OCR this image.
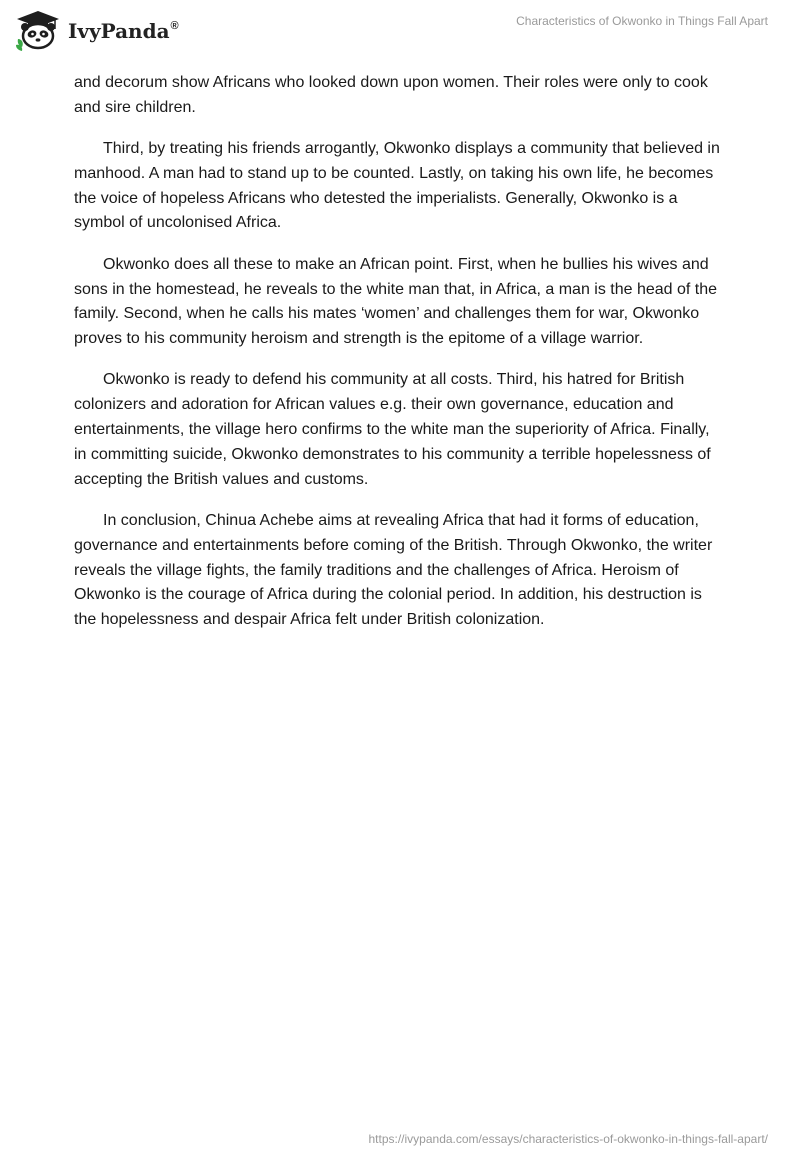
IvyPanda®	Characteristics of Okwonko in Things Fall Apart

and decorum show Africans who looked down upon women. Their roles were only to cook and sire children.

Third, by treating his friends arrogantly, Okwonko displays a community that believed in manhood. A man had to stand up to be counted. Lastly, on taking his own life, he becomes the voice of hopeless Africans who detested the imperialists. Generally, Okwonko is a symbol of uncolonised Africa.

Okwonko does all these to make an African point. First, when he bullies his wives and sons in the homestead, he reveals to the white man that, in Africa, a man is the head of the family. Second, when he calls his mates ‘women’ and challenges them for war, Okwonko proves to his community heroism and strength is the epitome of a village warrior.

Okwonko is ready to defend his community at all costs. Third, his hatred for British colonizers and adoration for African values e.g. their own governance, education and entertainments, the village hero confirms to the white man the superiority of Africa. Finally, in committing suicide, Okwonko demonstrates to his community a terrible hopelessness of accepting the British values and customs.

In conclusion, Chinua Achebe aims at revealing Africa that had it forms of education, governance and entertainments before coming of the British. Through Okwonko, the writer reveals the village fights, the family traditions and the challenges of Africa. Heroism of Okwonko is the courage of Africa during the colonial period. In addition, his destruction is the hopelessness and despair Africa felt under British colonization.

https://ivypanda.com/essays/characteristics-of-okwonko-in-things-fall-apart/
